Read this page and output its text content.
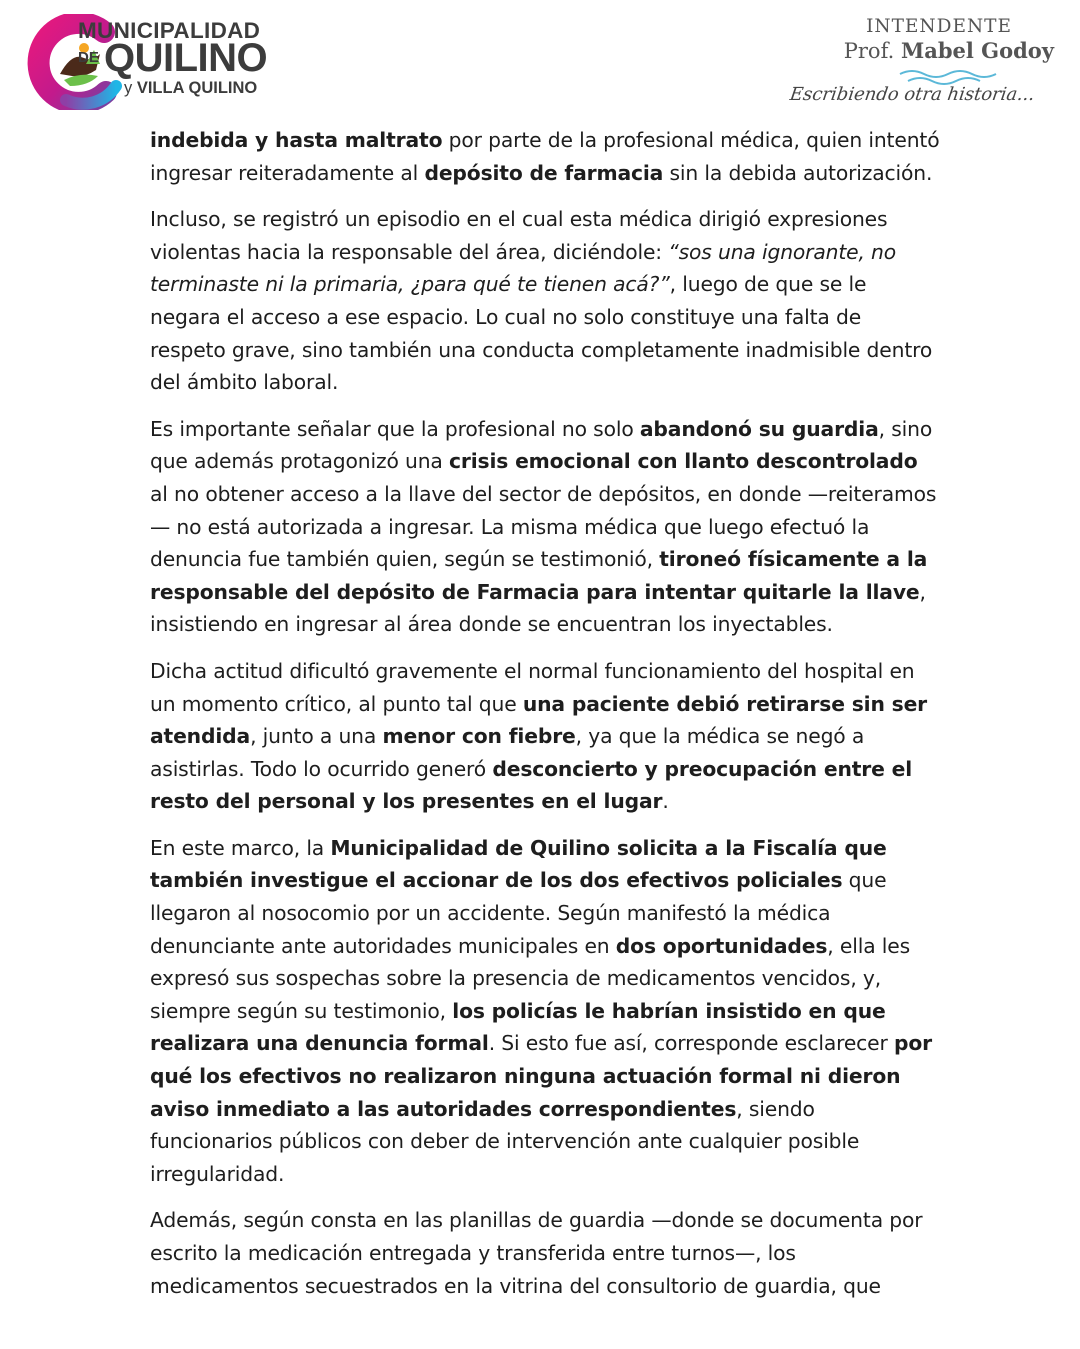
MUNICIPALIDAD
DE QUILINO
y VILLA QUILINO
INTENDENTE
Prof. Mabel Godoy
Escribiendo otra historia...

indebida y hasta maltrato por parte de la profesional médica, quien intentó ingresar reiteradamente al depósito de farmacia sin la debida autorización.

Incluso, se registró un episodio en el cual esta médica dirigió expresiones violentas hacia la responsable del área, diciéndole: “sos una ignorante, no terminaste ni la primaria, ¿para qué te tienen acá?”, luego de que se le negara el acceso a ese espacio. Lo cual no solo constituye una falta de respeto grave, sino también una conducta completamente inadmisible dentro del ámbito laboral.

Es importante señalar que la profesional no solo abandonó su guardia, sino que además protagonizó una crisis emocional con llanto descontrolado al no obtener acceso a la llave del sector de depósitos, en donde —reiteramos— no está autorizada a ingresar. La misma médica que luego efectuó la denuncia fue también quien, según se testimonió, tironeó físicamente a la responsable del depósito de Farmacia para intentar quitarle la llave, insistiendo en ingresar al área donde se encuentran los inyectables.

Dicha actitud dificultó gravemente el normal funcionamiento del hospital en un momento crítico, al punto tal que una paciente debió retirarse sin ser atendida, junto a una menor con fiebre, ya que la médica se negó a asistirlas. Todo lo ocurrido generó desconcierto y preocupación entre el resto del personal y los presentes en el lugar.

En este marco, la Municipalidad de Quilino solicita a la Fiscalía que también investigue el accionar de los dos efectivos policiales que llegaron al nosocomio por un accidente. Según manifestó la médica denunciante ante autoridades municipales en dos oportunidades, ella les expresó sus sospechas sobre la presencia de medicamentos vencidos, y, siempre según su testimonio, los policías le habrían insistido en que realizara una denuncia formal. Si esto fue así, corresponde esclarecer por qué los efectivos no realizaron ninguna actuación formal ni dieron aviso inmediato a las autoridades correspondientes, siendo funcionarios públicos con deber de intervención ante cualquier posible irregularidad.

Además, según consta en las planillas de guardia —donde se documenta por escrito la medicación entregada y transferida entre turnos—, los medicamentos secuestrados en la vitrina del consultorio de guardia, que
